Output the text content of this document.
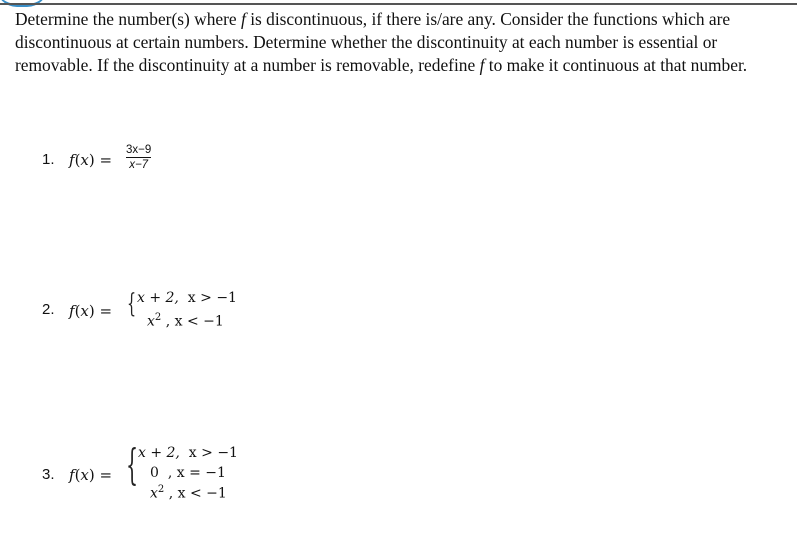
Determine the number(s) where f is discontinuous, if there is/are any. Consider the functions which are discontinuous at certain numbers. Determine whether the discontinuity at each number is essential or removable. If the discontinuity at a number is removable, redefine f to make it continuous at that number.
1. f(x) =
3x−9
x−7
2. f(x) = { x + 2, x > −1
$x^2$ , x < −1
3. f(x) = { x + 2, x > −1
0 , x = −1
$x^2$ , x < −1
